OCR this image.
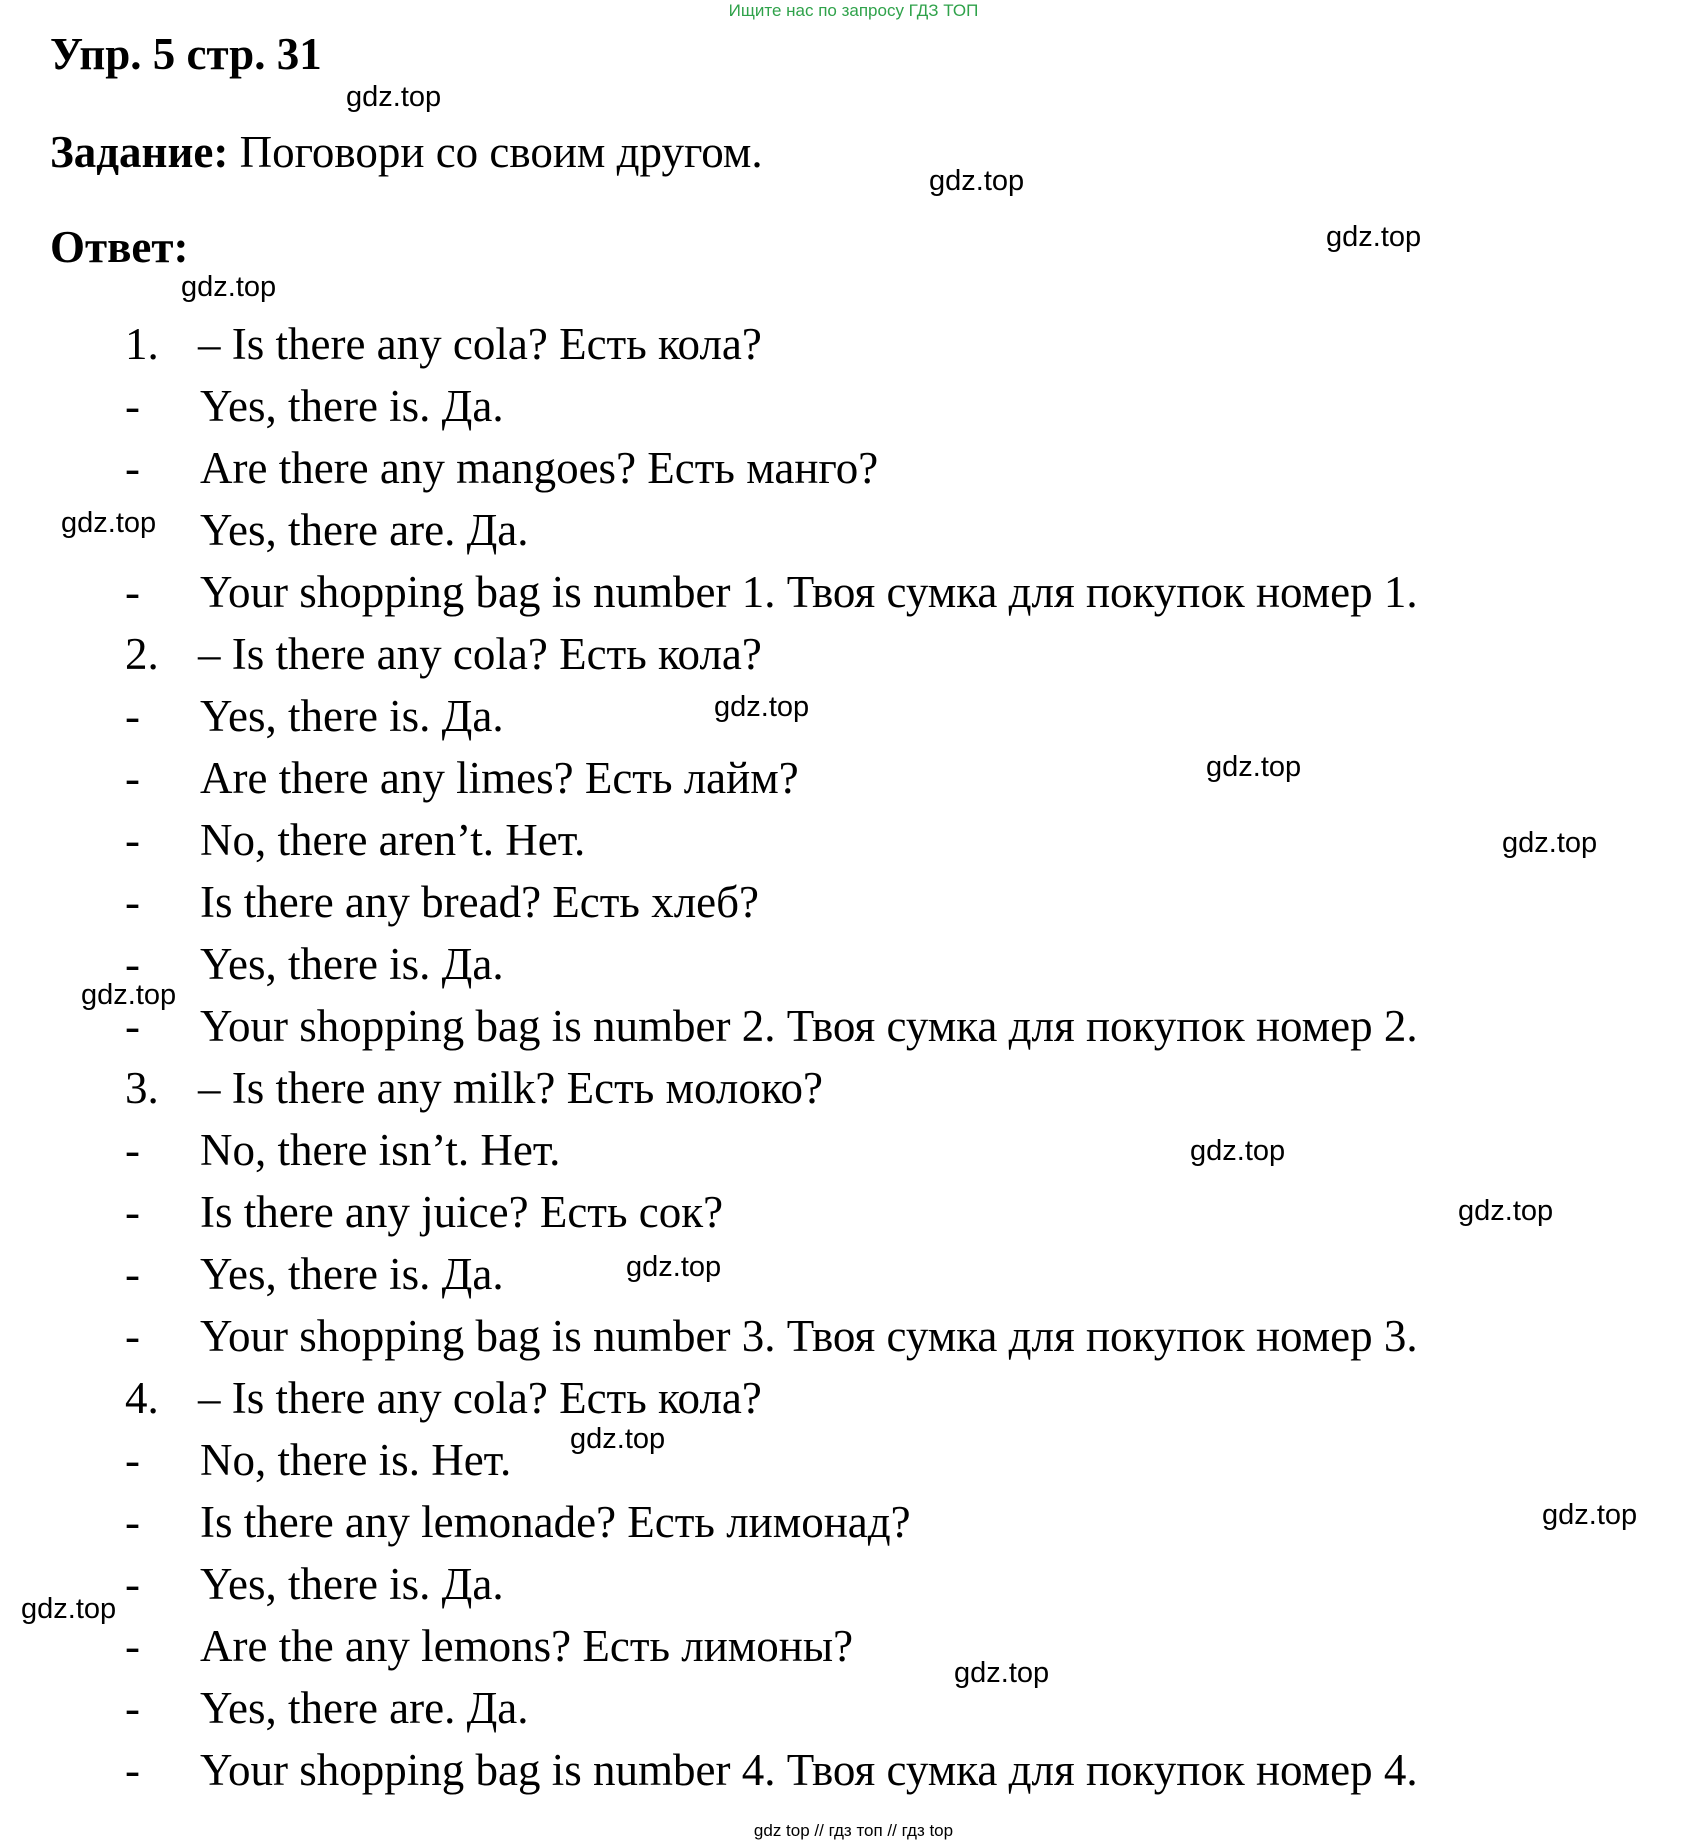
Ищите нас по запросу ГДЗ ТОП
Упр. 5 стр. 31
Задание: Поговори со своим другом.
Ответ:
1. – Is there any cola? Есть кола?
- Yes, there is. Да.
- Are there any mangoes? Есть манго?
Yes, there are. Да.
- Your shopping bag is number 1. Твоя сумка для покупок номер 1.
2. – Is there any cola? Есть кола?
- Yes, there is. Да.
- Are there any limes? Есть лайм?
- No, there aren’t. Нет.
- Is there any bread? Есть хлеб?
- Yes, there is. Да.
- Your shopping bag is number 2. Твоя сумка для покупок номер 2.
3. – Is there any milk? Есть молоко?
- No, there isn’t. Нет.
- Is there any juice? Есть сок?
- Yes, there is. Да.
- Your shopping bag is number 3. Твоя сумка для покупок номер 3.
4. – Is there any cola? Есть кола?
- No, there is. Нет.
- Is there any lemonade? Есть лимонад?
- Yes, there is. Да.
- Are the any lemons? Есть лимоны?
- Yes, there are. Да.
- Your shopping bag is number 4. Твоя сумка для покупок номер 4.
gdz.top
gdz.top
gdz.top
gdz.top
gdz.top
gdz.top
gdz.top
gdz.top
gdz.top
gdz.top
gdz.top
gdz.top
gdz.top
gdz.top
gdz.top
gdz.top
gdz top // гдз топ // гдз top
